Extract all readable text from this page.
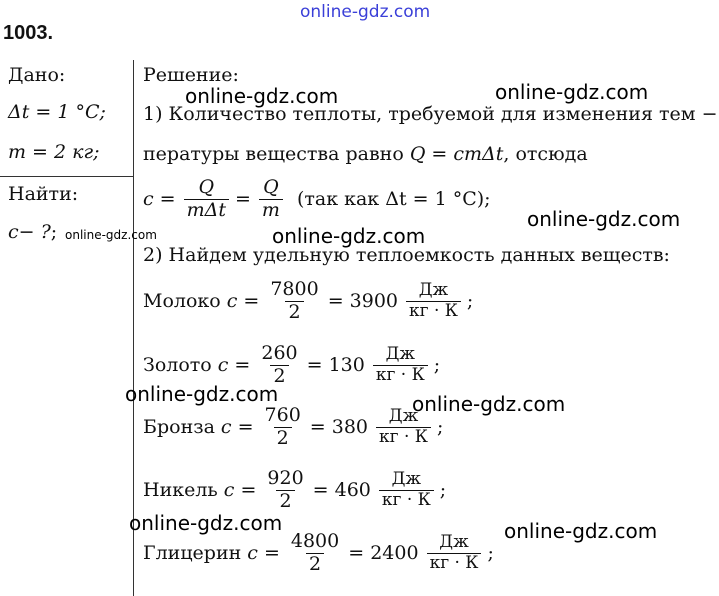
online-gdz.com
1003.
Дано:
Δt = 1 °C;
m = 2 кг;
Найти:
c− ?; online-gdz.com
Решение:
1) Количество теплоты, требуемой для изменения тем −
пературы вещества равно Q = cmΔt, отсюда
$c = \frac{Q}{\text{mΔt}} = \frac{Q}{m} (так$ как Δt = 1 °C);
2) Найдем удельную теплоемкость данных веществ:
Молоко $c = \frac{7800}{2} = 3900 \frac{Дж}{кг \cdot К}$ ;
Золото $c = \frac{260}{2} = 130 \frac{Дж}{кг \cdot К}$ ;
Бронза $c = \frac{760}{2} = 380 \frac{Дж}{кг \cdot К}$ ;
Никель $c = \frac{920}{2} = 460 \frac{Дж}{кг \cdot К}$ ;
Глицерин $c = \frac{4800}{2} = 2400 \frac{Дж}{кг \cdot К}$ ;
online-gdz.com
online-gdz.com
online-gdz.com
online-gdz.com
online-gdz.com	online-gdz.com
online-gdz.com	online-gdz.com
